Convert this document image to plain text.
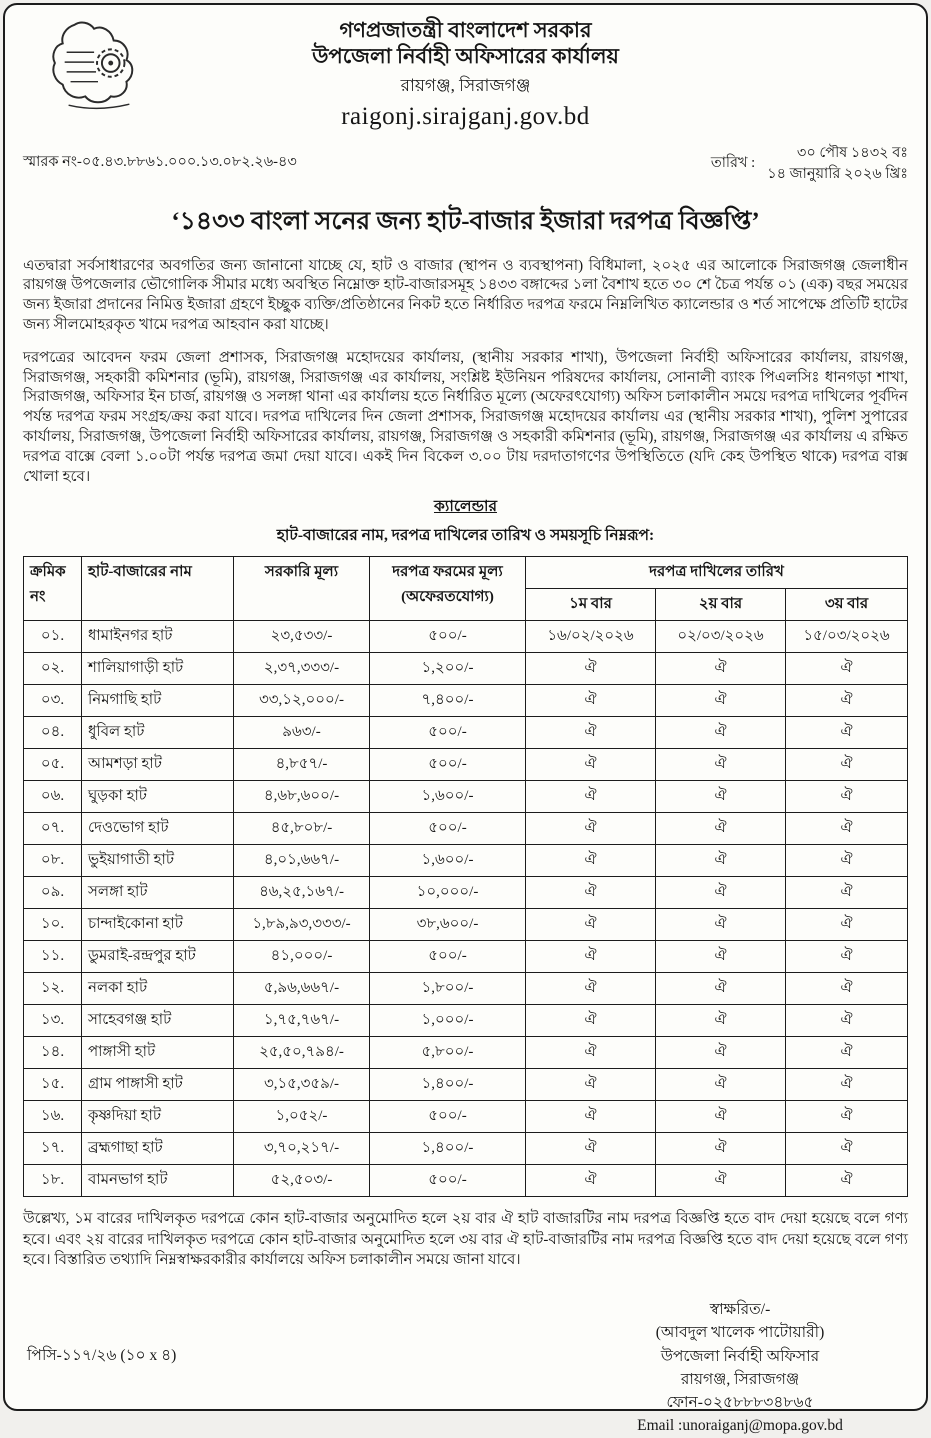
গণপ্রজাতন্ত্রী বাংলাদেশ সরকার
উপজেলা নির্বাহী অফিসারের কার্যালয়
রায়গঞ্জ, সিরাজগঞ্জ
raigonj.sirajganj.gov.bd
স্মারক নং-০৫.৪৩.৮৮৬১.০০০.১৩.০৮২.২৬-৪৩	তারিখ :
৩০ পৌষ ১৪৩২ বঃ
১৪ জানুয়ারি ২০২৬ খ্রিঃ
‘১৪৩৩ বাংলা সনের জন্য হাট-বাজার ইজারা দরপত্র বিজ্ঞপ্তি’

এতদ্বারা সর্বসাধারণের অবগতির জন্য জানানো যাচ্ছে যে, হাট ও বাজার (স্থাপন ও ব্যবস্থাপনা) বিধিমালা, ২০২৫ এর আলোকে সিরাজগঞ্জ জেলাধীন রায়গঞ্জ উপজেলার ভৌগোলিক সীমার মধ্যে অবস্থিত নিম্নোক্ত হাট-বাজারসমূহ ১৪৩৩ বঙ্গাব্দের ১লা বৈশাখ হতে ৩০ শে চৈত্র পর্যন্ত ০১ (এক) বছর সময়ের জন্য ইজারা প্রদানের নিমিত্ত ইজারা গ্রহণে ইচ্ছুক ব্যক্তি/প্রতিষ্ঠানের নিকট হতে নির্ধারিত দরপত্র ফরমে নিম্নলিখিত ক্যালেন্ডার ও শর্ত সাপেক্ষে প্রতিটি হাটের জন্য সীলমোহরকৃত খামে দরপত্র আহবান করা যাচ্ছে।

দরপত্রের আবেদন ফরম জেলা প্রশাসক, সিরাজগঞ্জ মহোদয়ের কার্যালয়, (স্থানীয় সরকার শাখা), উপজেলা নির্বাহী অফিসারের কার্যালয়, রায়গঞ্জ, সিরাজগঞ্জ, সহকারী কমিশনার (ভূমি), রায়গঞ্জ, সিরাজগঞ্জ এর কার্যালয়, সংশ্লিষ্ট ইউনিয়ন পরিষদের কার্যালয়, সোনালী ব্যাংক পিএলসিঃ ধানগড়া শাখা, সিরাজগঞ্জ, অফিসার ইন চার্জ, রায়গঞ্জ ও সলঙ্গা থানা এর কার্যালয় হতে নির্ধারিত মূল্যে (অফেরৎযোগ্য) অফিস চলাকালীন সময়ে দরপত্র দাখিলের পূর্বদিন পর্যন্ত দরপত্র ফরম সংগ্রহ/ক্রয় করা যাবে। দরপত্র দাখিলের দিন জেলা প্রশাসক, সিরাজগঞ্জ মহোদয়ের কার্যালয় এর (স্থানীয় সরকার শাখা), পুলিশ সুপারের কার্যালয়, সিরাজগঞ্জ, উপজেলা নির্বাহী অফিসারের কার্যালয়, রায়গঞ্জ, সিরাজগঞ্জ ও সহকারী কমিশনার (ভূমি), রায়গঞ্জ, সিরাজগঞ্জ এর কার্যালয় এ রক্ষিত দরপত্র বাক্সে বেলা ১.০০টা পর্যন্ত দরপত্র জমা দেয়া যাবে। একই দিন বিকেল ৩.০০ টায় দরদাতাগণের উপস্থিতিতে (যদি কেহ উপস্থিত থাকে) দরপত্র বাক্স খোলা হবে।

ক্যালেন্ডার
হাট-বাজারের নাম, দরপত্র দাখিলের তারিখ ও সময়সূচি নিম্নরূপ:
ক্রমিক নং	হাট-বাজারের নাম	সরকারি মূল্য	দরপত্র ফরমের মূল্য
(অফেরতযোগ্য)	দরপত্র দাখিলের তারিখ		
				১ম বার	২য় বার	৩য় বার
০১.	ধামাইনগর হাট	২৩,৫৩৩/-	৫০০/-	১৬/০২/২০২৬	০২/০৩/২০২৬	১৫/০৩/২০২৬
০২.	শালিয়াগাড়ী হাট	২,৩৭,৩৩৩/-	১,২০০/-	ঐ	ঐ	ঐ
০৩.	নিমগাছি হাট	৩৩,১২,০০০/-	৭,৪০০/-	ঐ	ঐ	ঐ
০৪.	ধুবিল হাট	৯৬৩/-	৫০০/-	ঐ	ঐ	ঐ
০৫.	আমশড়া হাট	৪,৮৫৭/-	৫০০/-	ঐ	ঐ	ঐ
০৬.	ঘুড়কা হাট	৪,৬৮,৬০০/-	১,৬০০/-	ঐ	ঐ	ঐ
০৭.	দেওভোগ হাট	৪৫,৮০৮/-	৫০০/-	ঐ	ঐ	ঐ
০৮.	ভুইয়াগাতী হাট	৪,০১,৬৬৭/-	১,৬০০/-	ঐ	ঐ	ঐ
০৯.	সলঙ্গা হাট	৪৬,২৫,১৬৭/-	১০,০০০/-	ঐ	ঐ	ঐ
১০.	চান্দাইকোনা হাট	১,৮৯,৯৩,৩৩৩/-	৩৮,৬০০/-	ঐ	ঐ	ঐ
১১.	ডুমরাই-রন্দ্রপুর হাট	৪১,০০০/-	৫০০/-	ঐ	ঐ	ঐ
১২.	নলকা হাট	৫,৯৬,৬৬৭/-	১,৮০০/-	ঐ	ঐ	ঐ
১৩.	সাহেবগঞ্জ হাট	১,৭৫,৭৬৭/-	১,০০০/-	ঐ	ঐ	ঐ
১৪.	পাঙ্গাসী হাট	২৫,৫০,৭৯৪/-	৫,৮০০/-	ঐ	ঐ	ঐ
১৫.	গ্রাম পাঙ্গাসী হাট	৩,১৫,৩৫৯/-	১,৪০০/-	ঐ	ঐ	ঐ
১৬.	কৃষ্ণদিয়া হাট	১,০৫২/-	৫০০/-	ঐ	ঐ	ঐ
১৭.	ব্রহ্মগাছা হাট	৩,৭০,২১৭/-	১,৪০০/-	ঐ	ঐ	ঐ
১৮.	বামনভাগ হাট	৫২,৫০৩/-	৫০০/-	ঐ	ঐ	ঐ

উল্লেখ্য, ১ম বারের দাখিলকৃত দরপত্রে কোন হাট-বাজার অনুমোদিত হলে ২য় বার ঐ হাট বাজারটির নাম দরপত্র বিজ্ঞপ্তি হতে বাদ দেয়া হয়েছে বলে গণ্য হবে। এবং ২য় বারের দাখিলকৃত দরপত্রে কোন হাট-বাজার অনুমোদিত হলে ৩য় বার ঐ হাট-বাজারটির নাম দরপত্র বিজ্ঞপ্তি হতে বাদ দেয়া হয়েছে বলে গণ্য হবে। বিস্তারিত তথ্যাদি নিম্নস্বাক্ষরকারীর কার্যালয়ে অফিস চলাকালীন সময়ে জানা যাবে।

স্বাক্ষরিত/-
(আবদুল খালেক পাটোয়ারী)
উপজেলা নির্বাহী অফিসার
রায়গঞ্জ, সিরাজগঞ্জ
ফোন-০২৫৮৮৮৩৪৮৬৫
Email :unoraiganj@mopa.gov.bd
পিসি-১১৭/২৬ (১০ x ৪)
